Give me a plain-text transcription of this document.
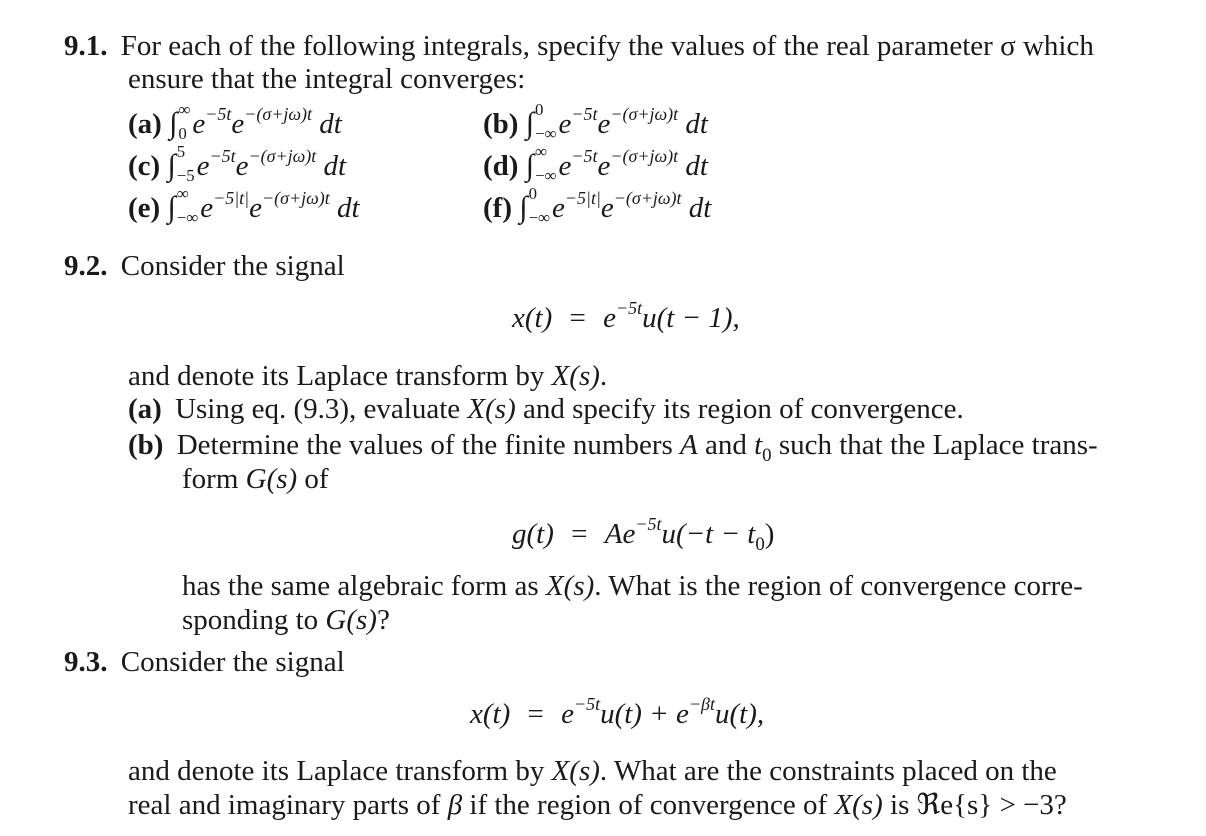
9.1. For each of the following integrals, specify the values of the real parameter σ which
ensure that the integral converges:
(a) ∫ ∞
0 $e^{-5t}e^{-(\sigma+j\omega)t}$ dt	(b) ∫ 0
−∞ $e^{-5t}e^{-(\sigma+j\omega)t}$ dt
(c) ∫ 5
−5 $e^{-5t}e^{-(\sigma+j\omega)t}$ dt	(d) ∫ ∞
−∞ $e^{-5t}e^{-(\sigma+j\omega)t}$ dt
(e) ∫ ∞
−∞ $e^{-5|t|}e^{-(\sigma+j\omega)t}$ dt	(f) ∫ 0
−∞ $e^{-5|t|}e^{-(\sigma+j\omega)t}$ dt
9.2. Consider the signal
$x(t) = e^{-5t}u(t - 1)$,
and denote its Laplace transform by X(s).
(a) Using eq. (9.3), evaluate X(s) and specify its region of convergence.
(b) Determine the values of the finite numbers A and $t_0$ such that the Laplace trans-
form G(s) of
$g(t) = Ae^{-5t}u(-t - t_0)$
has the same algebraic form as X(s). What is the region of convergence corre-
sponding to G(s)?
9.3. Consider the signal
$x(t) = e^{-5t}u(t) + e^{-\beta t}u(t)$,
and denote its Laplace transform by X(s). What are the constraints placed on the
real and imaginary parts of β if the region of convergence of X(s) is ℜe{s} > −3?
